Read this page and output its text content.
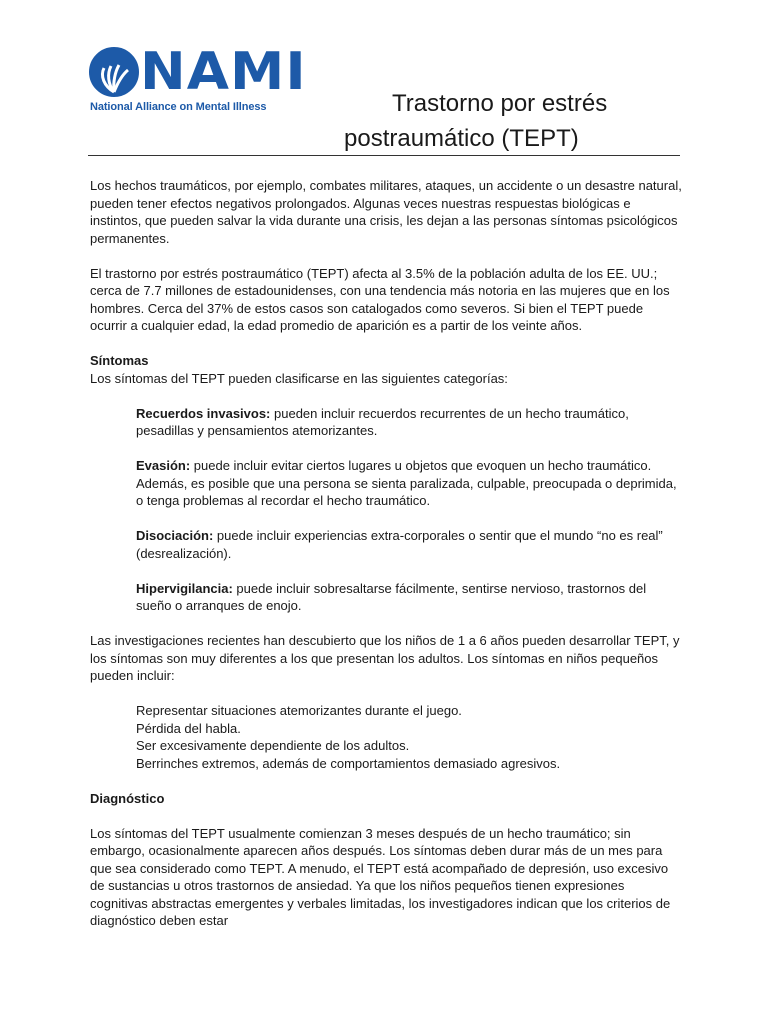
NAMI
National Alliance on Mental Illness	Trastorno por estrés
postraumático (TEPT)

Los hechos traumáticos, por ejemplo, combates militares, ataques, un accidente o un desastre natural, pueden tener efectos negativos prolongados. Algunas veces nuestras respuestas biológicas e instintos, que pueden salvar la vida durante una crisis, les dejan a las personas síntomas psicológicos permanentes.

El trastorno por estrés postraumático (TEPT) afecta al 3.5% de la población adulta de los EE. UU.; cerca de 7.7 millones de estadounidenses, con una tendencia más notoria en las mujeres que en los hombres. Cerca del 37% de estos casos son catalogados como severos. Si bien el TEPT puede ocurrir a cualquier edad, la edad promedio de aparición es a partir de los veinte años.

Síntomas

Los síntomas del TEPT pueden clasificarse en las siguientes categorías:

Recuerdos invasivos: pueden incluir recuerdos recurrentes de un hecho traumático, pesadillas y pensamientos atemorizantes.
Evasión: puede incluir evitar ciertos lugares u objetos que evoquen un hecho traumático. Además, es posible que una persona se sienta paralizada, culpable, preocupada o deprimida, o tenga problemas al recordar el hecho traumático.
Disociación: puede incluir experiencias extra-corporales o sentir que el mundo “no es real” (desrealización).
Hipervigilancia: puede incluir sobresaltarse fácilmente, sentirse nervioso, trastornos del sueño o arranques de enojo.

Las investigaciones recientes han descubierto que los niños de 1 a 6 años pueden desarrollar TEPT, y los síntomas son muy diferentes a los que presentan los adultos. Los síntomas en niños pequeños pueden incluir:

Representar situaciones atemorizantes durante el juego.
Pérdida del habla.
Ser excesivamente dependiente de los adultos.
Berrinches extremos, además de comportamientos demasiado agresivos.
Diagnóstico

Los síntomas del TEPT usualmente comienzan 3 meses después de un hecho traumático; sin embargo, ocasionalmente aparecen años después. Los síntomas deben durar más de un mes para que sea considerado como TEPT. A menudo, el TEPT está acompañado de depresión, uso excesivo de sustancias u otros trastornos de ansiedad. Ya que los niños pequeños tienen expresiones cognitivas abstractas emergentes y verbales limitadas, los investigadores indican que los criterios de diagnóstico deben estar
